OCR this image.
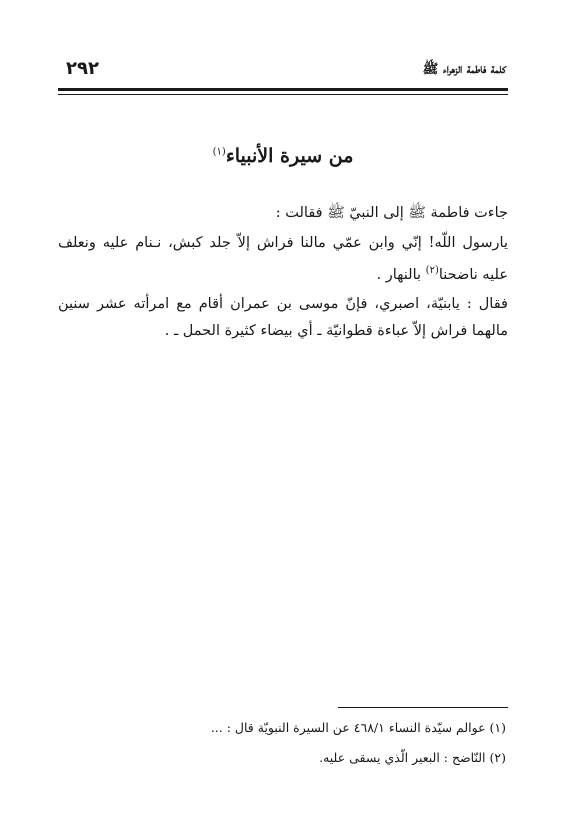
٢٩٢	كلمة فاطمة الزهراء ﷺ
من سيرة الأنبياء$^{(١)}$
جاءت فاطمة ﷺ إلى النبيّ ﷺ فقالت :
يارسول اللّه! إنّي وابن عمّي مالنا فراش إلاّ جلد كبش، نـنام عليه ونعلف عليه ناضحنا$^{(٢)}$ بالنهار .
فقال : يابنيّة، اصبري، فإنّ موسى بن عمران أقام مع امرأته عشر سنين مالهما فراش إلاّ عباءة قطوانيّة ـ أي بيضاء كثيرة الحمل ـ .
(١) عوالم سيّدة النساء ٤٦٨/١ عن السيرة النبويّة قال : ...
(٢) النّاضح : البعير الّذي يسقى عليه.
